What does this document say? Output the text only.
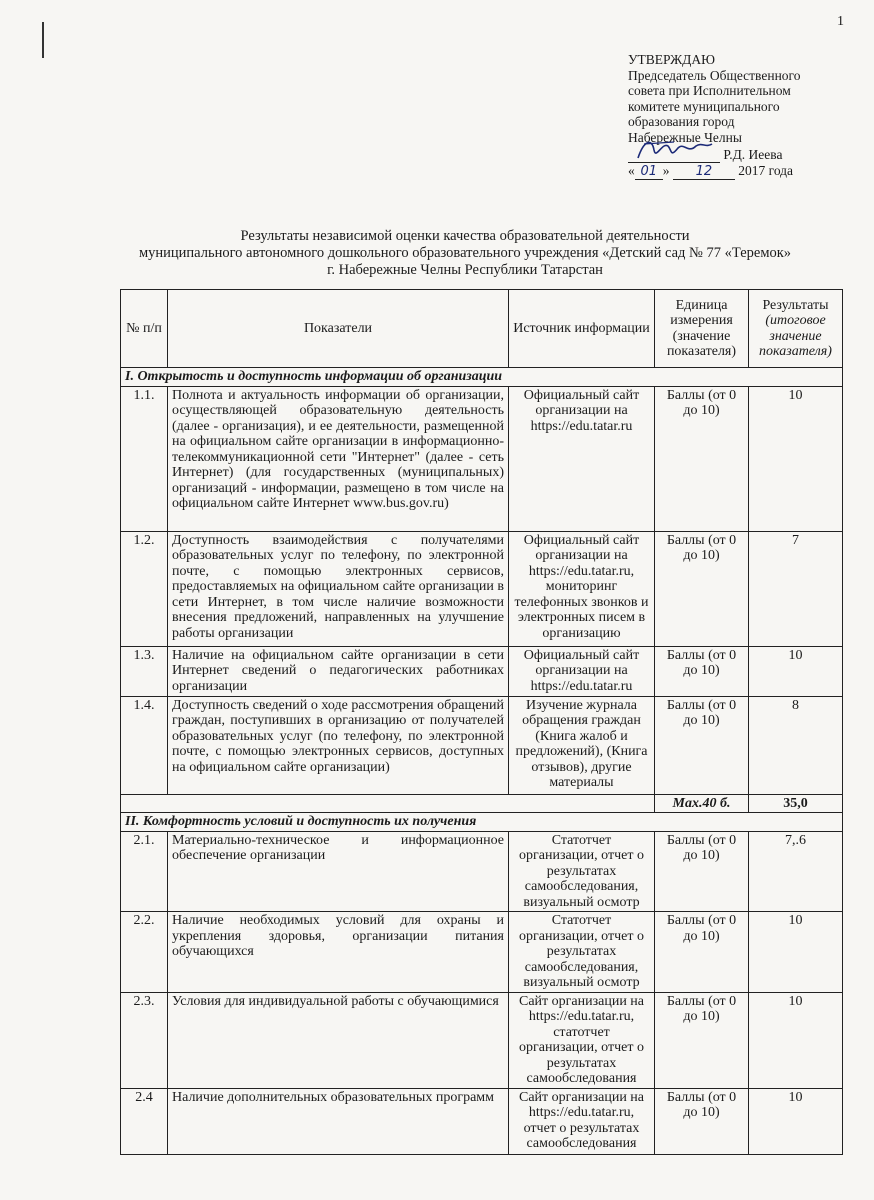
1
УТВЕРЖДАЮ
Председатель Общественного
совета при Исполнительном
комитете муниципального
образования город
Набережные Челны
Р.Д. Иеева
« 01 » 12 2017 года
Результаты независимой оценки качества образовательной деятельности
муниципального автономного дошкольного образовательного учреждения «Детский сад № 77 «Теремок»
г. Набережные Челны Республики Татарстан
№ п/п	Показатели	Источник информации	Единица измерения (значение показателя)	Результаты
(итоговое значение показателя)

I. Открытость и доступность информации об организации				
1.1.	Полнота и актуальность информации об организации, осуществляющей образовательную деятельность (далее - организация), и ее деятельности, размещенной на официальном сайте организации в информационно-телекоммуникационной сети "Интернет" (далее - сеть Интернет) (для государственных (муниципальных) организаций - информации, размещено в том числе на официальном сайте Интернет www.bus.gov.ru)	Официальный сайт организации на https://edu.tatar.ru	Баллы (от 0 до 10)	10
1.2.	Доступность взаимодействия с получателями образовательных услуг по телефону, по электронной почте, с помощью электронных сервисов, предоставляемых на официальном сайте организации в сети Интернет, в том числе наличие возможности внесения предложений, направленных на улучшение работы организации	Официальный сайт организации на https://edu.tatar.ru, мониторинг телефонных звонков и электронных писем в организацию	Баллы (от 0 до 10)	7
1.3.	Наличие на официальном сайте организации в сети Интернет сведений о педагогических работниках организации	Официальный сайт организации на https://edu.tatar.ru	Баллы (от 0 до 10)	10
1.4.	Доступность сведений о ходе рассмотрения обращений граждан, поступивших в организацию от получателей образовательных услуг (по телефону, по электронной почте, с помощью электронных сервисов, доступных на официальном сайте организации)	Изучение журнала обращения граждан (Книга жалоб и предложений), (Книга отзывов), другие материалы	Баллы (от 0 до 10)	8
			Max.40 б.	35,0
II. Комфортность условий и доступность их получения				
2.1.	Материально-техническое и информационное обеспечение организации	Статотчет организации, отчет о результатах самообследования, визуальный осмотр	Баллы (от 0 до 10)	7,.6
2.2.	Наличие необходимых условий для охраны и укрепления здоровья, организации питания обучающихся	Статотчет организации, отчет о результатах самообследования, визуальный осмотр	Баллы (от 0 до 10)	10
2.3.	Условия для индивидуальной работы с обучающимися	Сайт организации на https://edu.tatar.ru, статотчет организации, отчет о результатах самообследования	Баллы (от 0 до 10)	10
2.4	Наличие дополнительных образовательных программ	Сайт организации на https://edu.tatar.ru, отчет о результатах самообследования	Баллы (от 0 до 10)	10
